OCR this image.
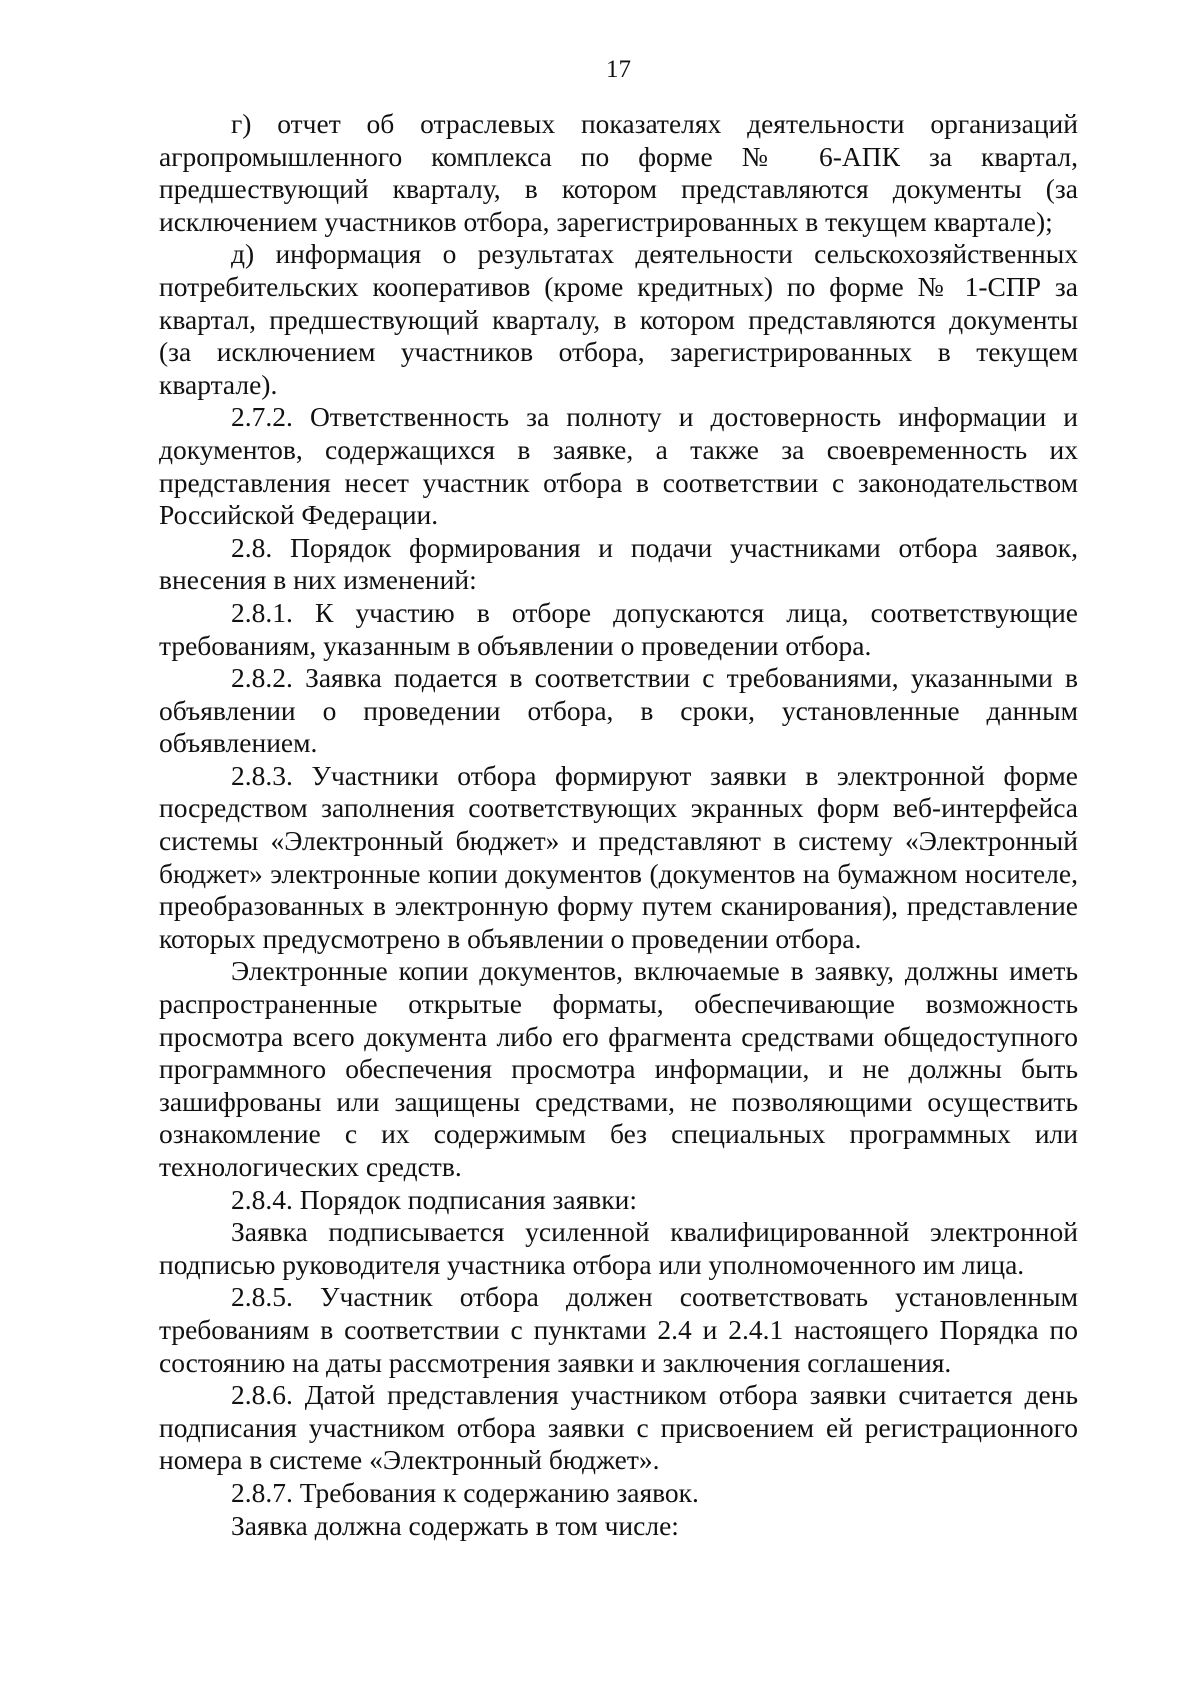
17

г) отчет об отраслевых показателях деятельности организаций агропромышленного комплекса по форме № 6-АПК за квартал, предшествующий кварталу, в котором представляются документы (за исключением участников отбора, зарегистрированных в текущем квартале);

д) информация о результатах деятельности сельскохозяйственных потребительских кооперативов (кроме кредитных) по форме № 1-СПР за квартал, предшествующий кварталу, в котором представляются документы (за исключением участников отбора, зарегистрированных в текущем квартале).

2.7.2. Ответственность за полноту и достоверность информации и документов, содержащихся в заявке, а также за своевременность их представления несет участник отбора в соответствии с законодательством Российской Федерации.

2.8. Порядок формирования и подачи участниками отбора заявок, внесения в них изменений:

2.8.1. К участию в отборе допускаются лица, соответствующие требованиям, указанным в объявлении о проведении отбора.

2.8.2. Заявка подается в соответствии с требованиями, указанными в объявлении о проведении отбора, в сроки, установленные данным объявлением.

2.8.3. Участники отбора формируют заявки в электронной форме посредством заполнения соответствующих экранных форм веб-интерфейса системы «Электронный бюджет» и представляют в систему «Электронный бюджет» электронные копии документов (документов на бумажном носителе, преобразованных в электронную форму путем сканирования), представление которых предусмотрено в объявлении о проведении отбора.

Электронные копии документов, включаемые в заявку, должны иметь распространенные открытые форматы, обеспечивающие возможность просмотра всего документа либо его фрагмента средствами общедоступного программного обеспечения просмотра информации, и не должны быть зашифрованы или защищены средствами, не позволяющими осуществить ознакомление с их содержимым без специальных программных или технологических средств.

2.8.4. Порядок подписания заявки:

Заявка подписывается усиленной квалифицированной электронной подписью руководителя участника отбора или уполномоченного им лица.

2.8.5. Участник отбора должен соответствовать установленным требованиям в соответствии с пунктами 2.4 и 2.4.1 настоящего Порядка по состоянию на даты рассмотрения заявки и заключения соглашения.

2.8.6. Датой представления участником отбора заявки считается день подписания участником отбора заявки с присвоением ей регистрационного номера в системе «Электронный бюджет».

2.8.7. Требования к содержанию заявок.

Заявка должна содержать в том числе:
